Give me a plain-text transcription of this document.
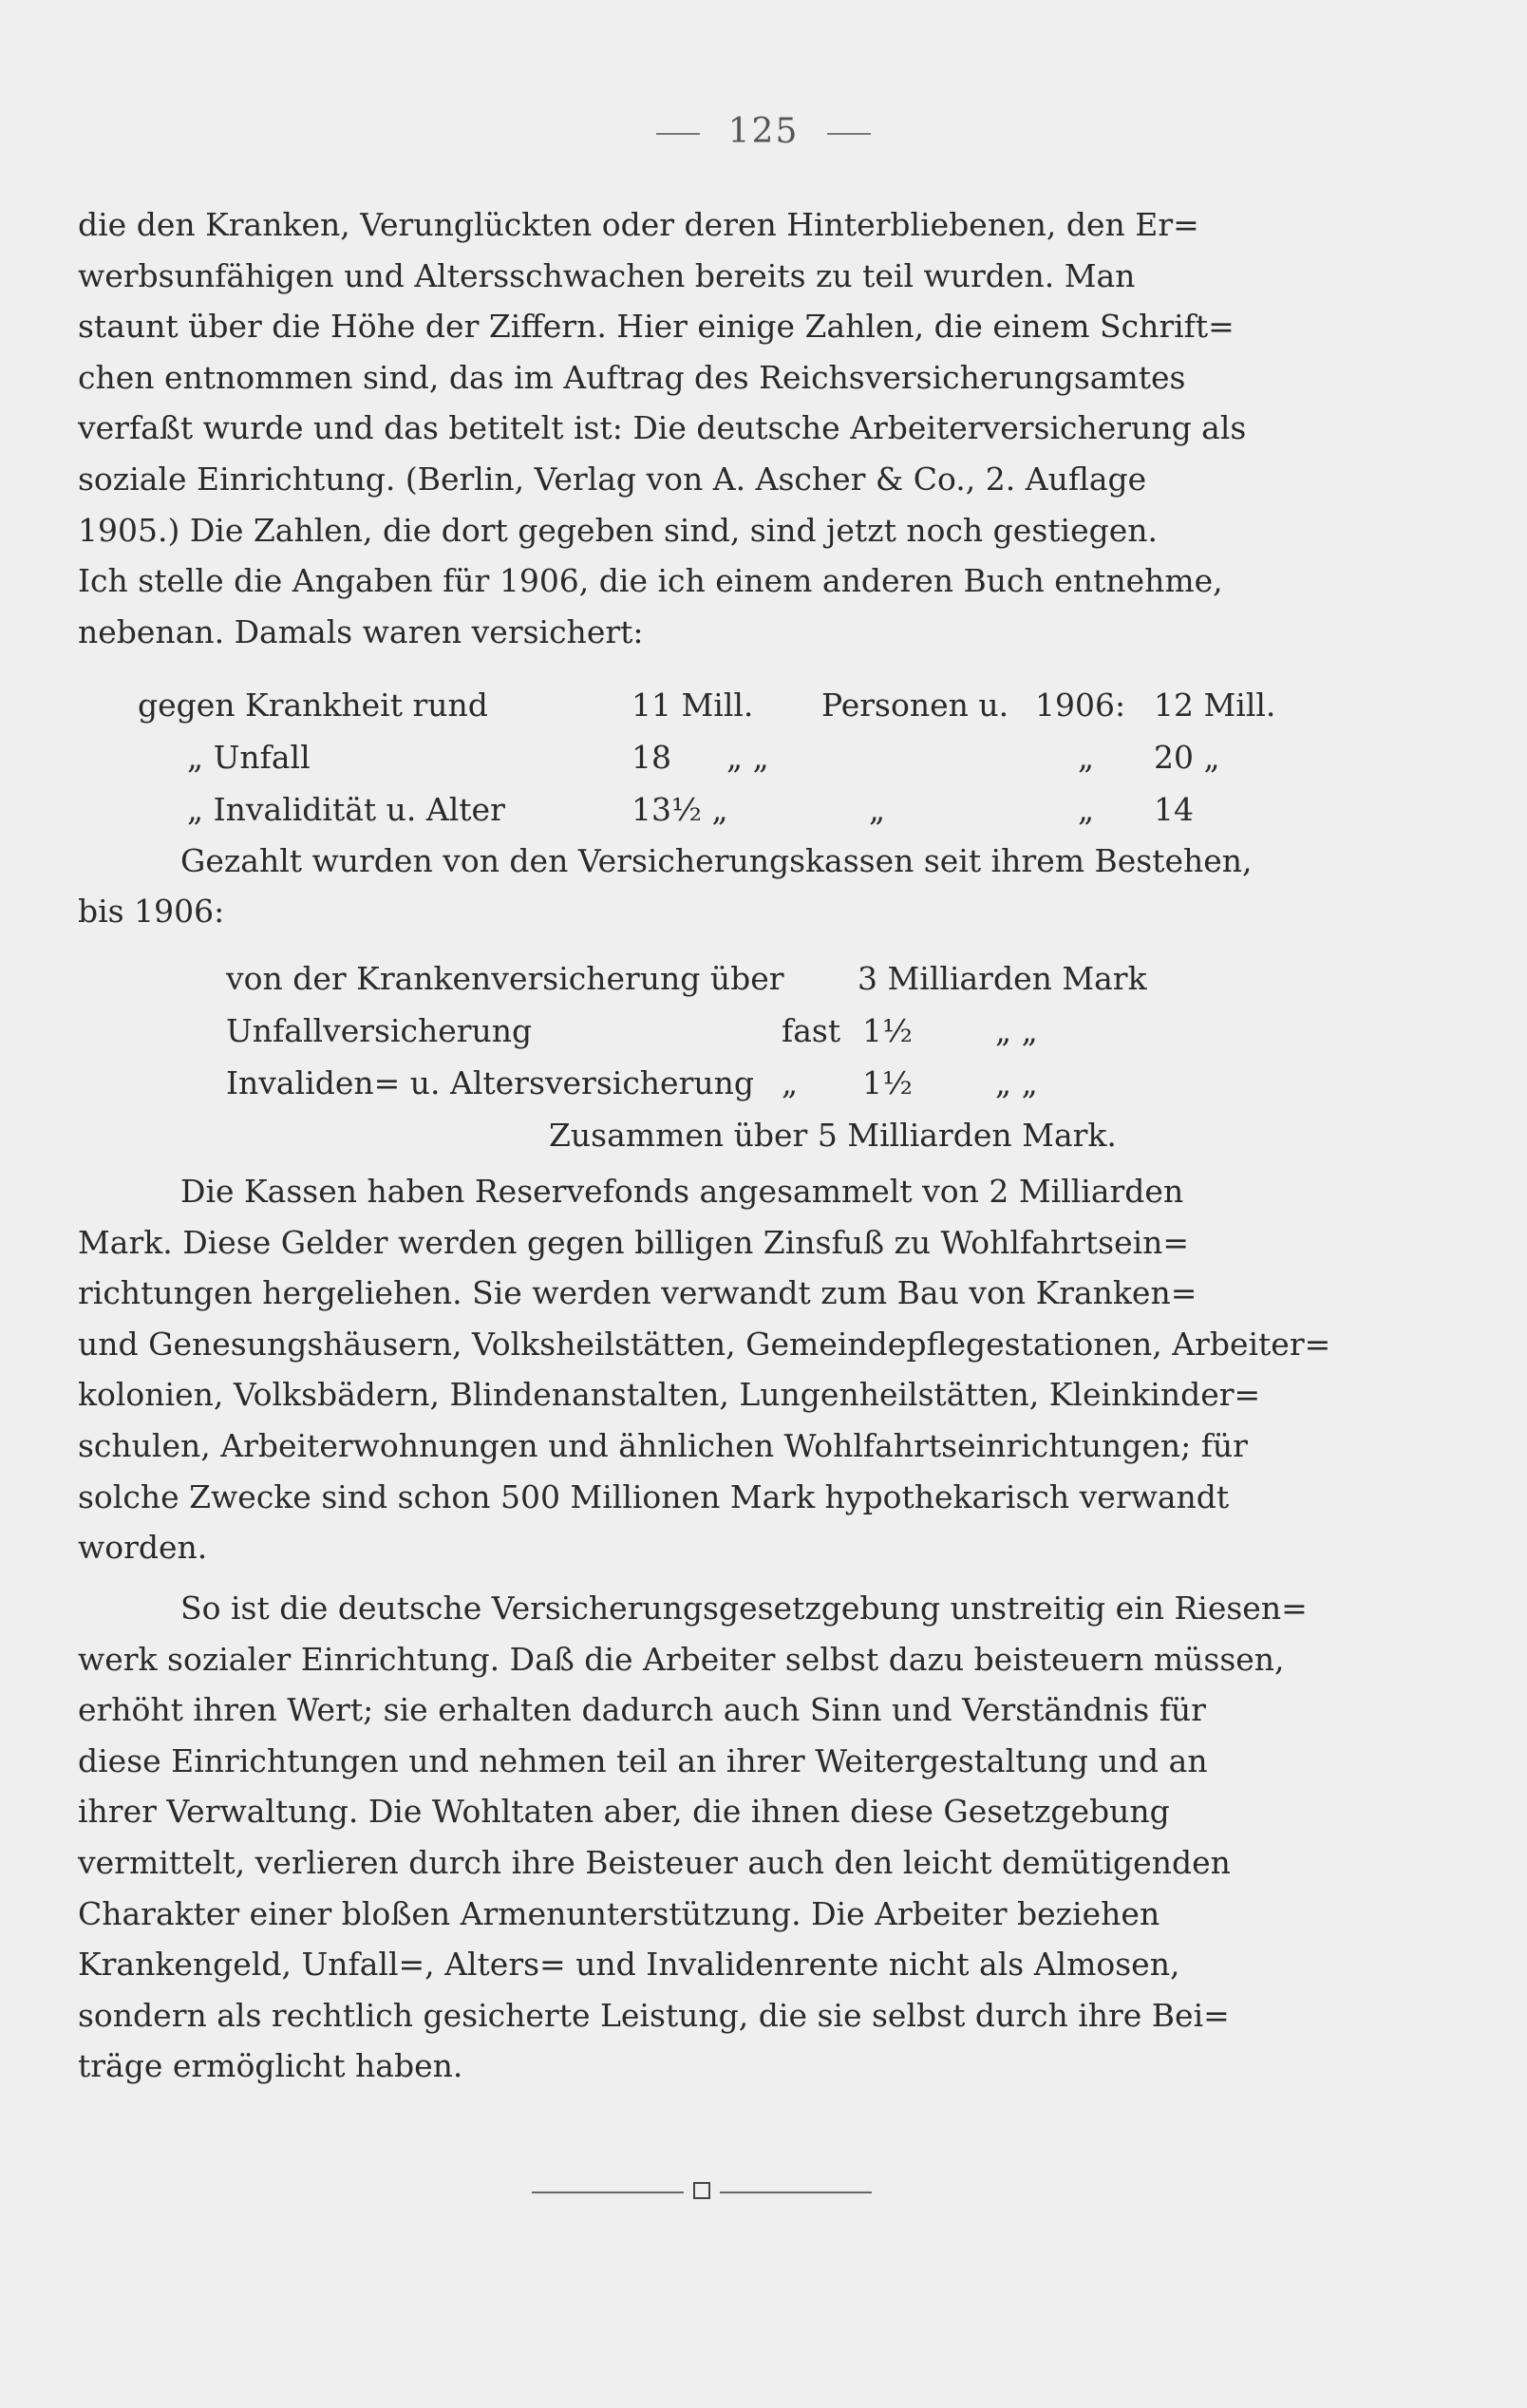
125

die den Kranken, Verunglückten oder deren Hinterbliebenen, den Er=

werbsunfähigen und Altersschwachen bereits zu teil wurden. Man

staunt über die Höhe der Ziffern. Hier einige Zahlen, die einem Schrift=

chen entnommen sind, das im Auftrag des Reichsversicherungsamtes

verfaßt wurde und das betitelt ist: Die deutsche Arbeiterversicherung als

soziale Einrichtung. (Berlin, Verlag von A. Ascher & Co., 2. Auflage

1905.) Die Zahlen, die dort gegeben sind, sind jetzt noch gestiegen.

Ich stelle die Angaben für 1906, die ich einem anderen Buch entnehme,

nebenan. Damals waren versichert:

gegen Krankheit rund	11 Mill. Personen u. 1906: 12 Mill.
„ Unfall	18 „ „	„ 20 „
„ Invalidität u. Alter	13½ „	„	„ 14

Gezahlt wurden von den Versicherungskassen seit ihrem Bestehen,

bis 1906:

von der Krankenversicherung über 3 Milliarden Mark
Unfallversicherung	fast 1½	„ „
Invaliden= u. Altersversicherung „ 1½	„ „
Zusammen über 5 Milliarden Mark.

Die Kassen haben Reservefonds angesammelt von 2 Milliarden

Mark. Diese Gelder werden gegen billigen Zinsfuß zu Wohlfahrtsein=

richtungen hergeliehen. Sie werden verwandt zum Bau von Kranken=

und Genesungshäusern, Volksheilstätten, Gemeindepflegestationen, Arbeiter=

kolonien, Volksbädern, Blindenanstalten, Lungenheilstätten, Kleinkinder=

schulen, Arbeiterwohnungen und ähnlichen Wohlfahrtseinrichtungen; für

solche Zwecke sind schon 500 Millionen Mark hypothekarisch verwandt

worden.

So ist die deutsche Versicherungsgesetzgebung unstreitig ein Riesen=

werk sozialer Einrichtung. Daß die Arbeiter selbst dazu beisteuern müssen,

erhöht ihren Wert; sie erhalten dadurch auch Sinn und Verständnis für

diese Einrichtungen und nehmen teil an ihrer Weitergestaltung und an

ihrer Verwaltung. Die Wohltaten aber, die ihnen diese Gesetzgebung

vermittelt, verlieren durch ihre Beisteuer auch den leicht demütigenden

Charakter einer bloßen Armenunterstützung. Die Arbeiter beziehen

Krankengeld, Unfall=, Alters= und Invalidenrente nicht als Almosen,

sondern als rechtlich gesicherte Leistung, die sie selbst durch ihre Bei=

träge ermöglicht haben.
